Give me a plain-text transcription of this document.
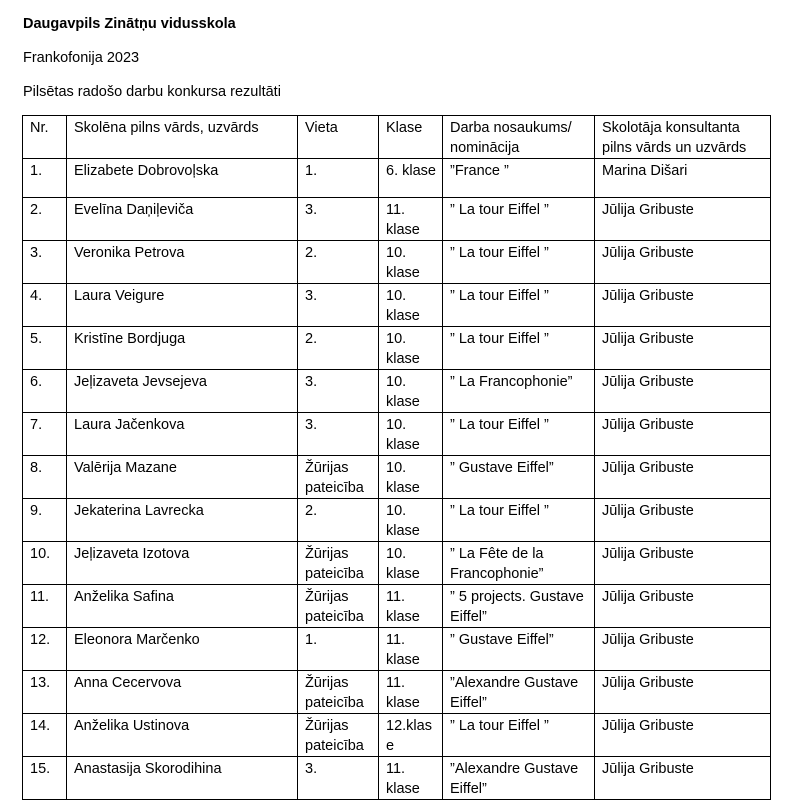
Daugavpils Zinātņu vidusskola

Frankofonija 2023

Pilsētas radošo darbu konkursa rezultāti

Nr.	Skolēna pilns vārds, uzvārds	Vieta	Klase	Darba nosaukums/ nominācija	Skolotāja konsultanta pilns vārds un uzvārds
1.	Elizabete Dobrovoļska	1.	6. klase	”France ”	Marina Dišari
2.	Evelīna Daņiļeviča	3.	11. klase	” La tour Eiffel ”	Jūlija Gribuste
3.	Veronika Petrova	2.	10. klase	” La tour Eiffel ”	Jūlija Gribuste
4.	Laura Veigure	3.	10. klase	” La tour Eiffel ”	Jūlija Gribuste
5.	Kristīne Bordjuga	2.	10. klase	” La tour Eiffel ”	Jūlija Gribuste
6.	Jeļizaveta Jevsejeva	3.	10. klase	” La Francophonie”	Jūlija Gribuste
7.	Laura Jačenkova	3.	10. klase	” La tour Eiffel ”	Jūlija Gribuste
8.	Valērija Mazane	Žūrijas pateicība	10. klase	” Gustave Eiffel”	Jūlija Gribuste
9.	Jekaterina Lavrecka	2.	10. klase	” La tour Eiffel ”	Jūlija Gribuste
10.	Jeļizaveta Izotova	Žūrijas pateicība	10. klase	” La Fête de la Francophonie”	Jūlija Gribuste
11.	Anželika Safina	Žūrijas pateicība	11. klase	” 5 projects. Gustave Eiffel”	Jūlija Gribuste
12.	Eleonora Marčenko	1.	11. klase	” Gustave Eiffel”	Jūlija Gribuste
13.	Anna Cecervova	Žūrijas pateicība	11. klase	”Alexandre Gustave Eiffel”	Jūlija Gribuste
14.	Anželika Ustinova	Žūrijas pateicība	12.klas e	” La tour Eiffel ”	Jūlija Gribuste
15.	Anastasija Skorodihina	3.	11. klase	”Alexandre Gustave Eiffel”	Jūlija Gribuste
